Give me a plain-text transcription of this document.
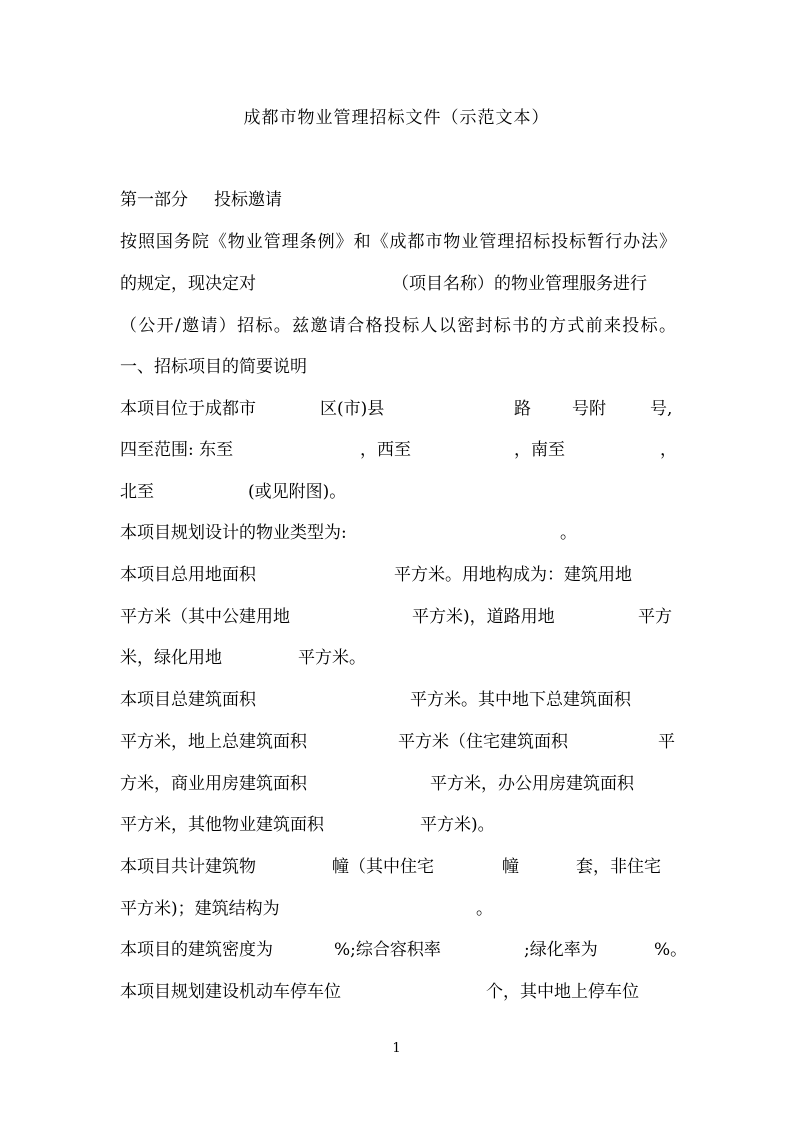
成都市物业管理招标文件（示范文本）
第一部分 投标邀请
按照国务院《物业管理条例》和《成都市物业管理招标投标暂行办法》
的规定，现决定对	（项目名称）的物业管理服务进行
（公开/邀请）招标。兹邀请合格投标人以密封标书的方式前来投标。
一、招标项目的简要说明
本项目位于成都市	区(市)县	路 号附	号,
四至范围: 东至	，西至	，南至	，
北至	(或见附图)。
本项目规划设计的物业类型为:	。
本项目总用地面积	平方米。用地构成为：建筑用地
平方米（其中公建用地	平方米)，道路用地	平方
米，绿化用地	平方米。
本项目总建筑面积	平方米。其中地下总建筑面积
平方米，地上总建筑面积	平方米（住宅建筑面积	平
方米，商业用房建筑面积	平方米，办公用房建筑面积
平方米，其他物业建筑面积	平方米)。
本项目共计建筑物	幢（其中住宅	幢	套，非住宅
平方米)；建筑结构为	。
本项目的建筑密度为	%;综合容积率	;绿化率为	%。
本项目规划建设机动车停车位	个，其中地上停车位
1
